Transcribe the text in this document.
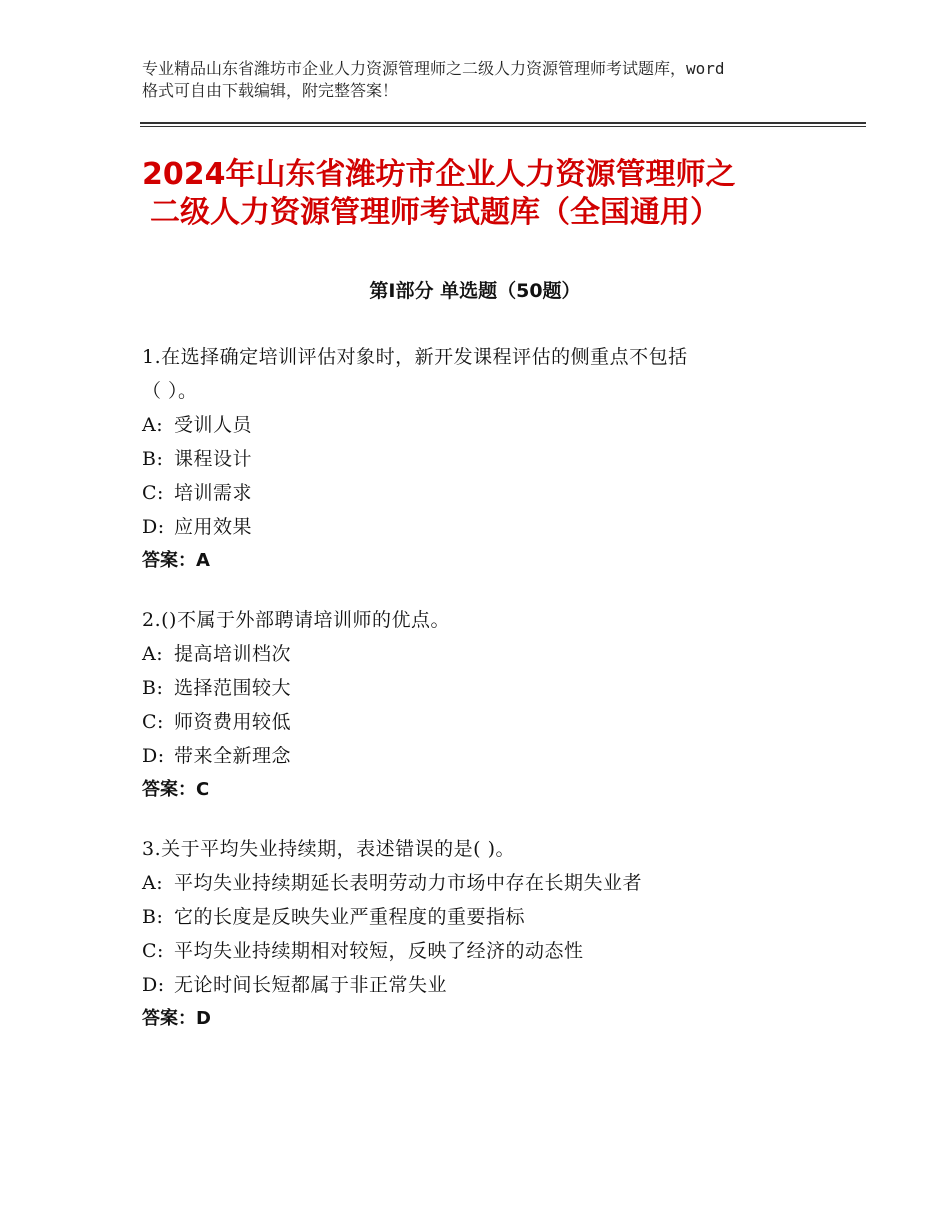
专业精品山东省潍坊市企业人力资源管理师之二级人力资源管理师考试题库，word
格式可自由下载编辑，附完整答案！
2024年山东省潍坊市企业人力资源管理师之
二级人力资源管理师考试题库（全国通用）
第Ⅰ部分 单选题（50题）
1.在选择确定培训评估对象时，新开发课程评估的侧重点不包括
（ ）。
A: 受训人员
B: 课程设计
C: 培训需求
D: 应用效果
答案：A
2.()不属于外部聘请培训师的优点。
A: 提高培训档次
B: 选择范围较大
C: 师资费用较低
D: 带来全新理念
答案：C
3.关于平均失业持续期，表述错误的是( )。
A: 平均失业持续期延长表明劳动力市场中存在长期失业者
B: 它的长度是反映失业严重程度的重要指标
C: 平均失业持续期相对较短，反映了经济的动态性
D: 无论时间长短都属于非正常失业
答案：D
